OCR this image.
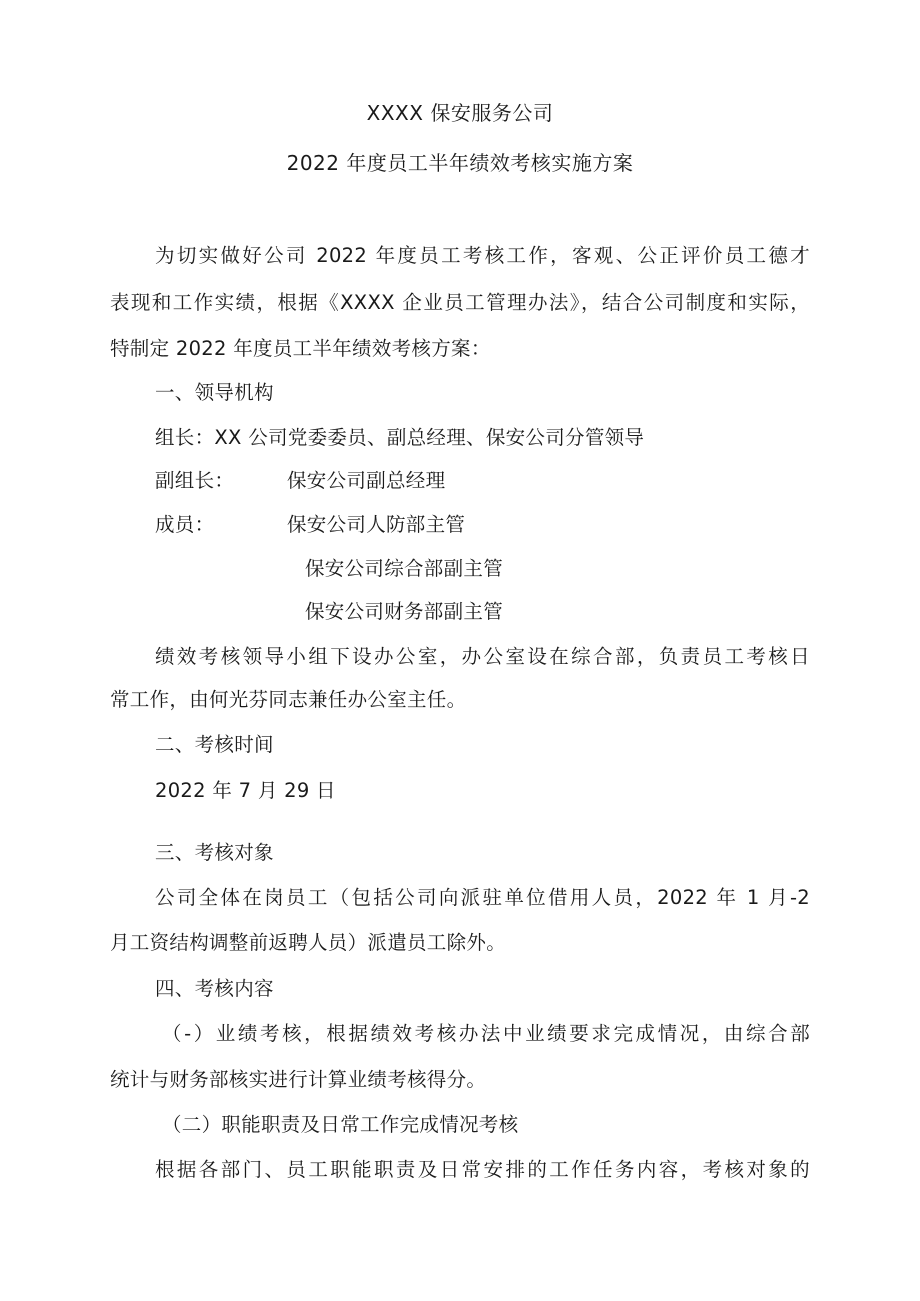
XXXX 保安服务公司
2022 年度员工半年绩效考核实施方案
为切实做好公司 2022 年度员工考核工作，客观、公正评价员工德才
表现和工作实绩，根据《XXXX 企业员工管理办法》，结合公司制度和实际，
特制定 2022 年度员工半年绩效考核方案：
一、领导机构
组长：XX 公司党委委员、副总经理、保安公司分管领导
副组长：	保安公司副总经理
成员：	保安公司人防部主管
保安公司综合部副主管
保安公司财务部副主管
绩效考核领导小组下设办公室，办公室设在综合部，负责员工考核日
常工作，由何光芬同志兼任办公室主任。
二、考核时间
2022 年 7 月 29 日
三、考核对象
公司全体在岗员工（包括公司向派驻单位借用人员，2022 年 1 月-2
月工资结构调整前返聘人员）派遣员工除外。
四、考核内容
（-）业绩考核，根据绩效考核办法中业绩要求完成情况，由综合部
统计与财务部核实进行计算业绩考核得分。
（二）职能职责及日常工作完成情况考核
根据各部门、员工职能职责及日常安排的工作任务内容，考核对象的
